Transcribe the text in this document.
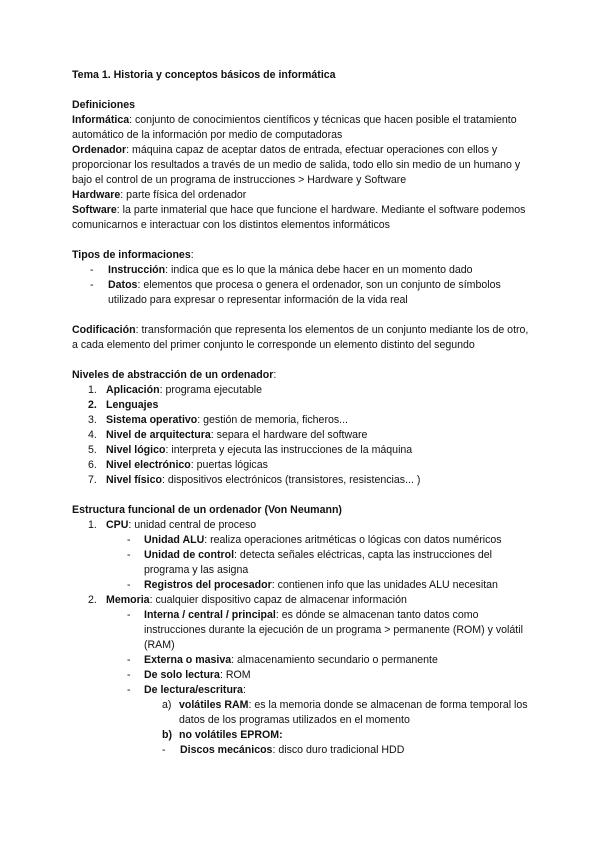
Tema 1. Historia y conceptos básicos de informática

Definiciones

Informática: conjunto de conocimientos científicos y técnicas que hacen posible el tratamiento automático de la información por medio de computadoras

Ordenador: máquina capaz de aceptar datos de entrada, efectuar operaciones con ellos y proporcionar los resultados a través de un medio de salida, todo ello sin medio de un humano y bajo el control de un programa de instrucciones > Hardware y Software

Hardware: parte física del ordenador

Software: la parte inmaterial que hace que funcione el hardware. Mediante el software podemos comunicarnos e interactuar con los distintos elementos informáticos

Tipos de informaciones:

-	Instrucción: indica que es lo que la mánica debe hacer en un momento dado
-	Datos: elementos que procesa o genera el ordenador, son un conjunto de símbolos utilizado para expresar o representar información de la vida real

Codificación: transformación que representa los elementos de un conjunto mediante los de otro, a cada elemento del primer conjunto le corresponde un elemento distinto del segundo

Niveles de abstracción de un ordenador:

1. Aplicación: programa ejecutable
2. Lenguajes
3. Sistema operativo: gestión de memoria, ficheros...
4. Nivel de arquitectura: separa el hardware del software
5. Nivel lógico: interpreta y ejecuta las instrucciones de la máquina
6. Nivel electrónico: puertas lógicas
7. Nivel físico: dispositivos electrónicos (transistores, resistencias... )

Estructura funcional de un ordenador (Von Neumann)

1. CPU: unidad central de proceso
-	Unidad ALU: realiza operaciones aritméticas o lógicas con datos numéricos
-	Unidad de control: detecta señales eléctricas, capta las instrucciones del programa y las asigna
-	Registros del procesador: contienen info que las unidades ALU necesitan
2. Memoria: cualquier dispositivo capaz de almacenar información
-	Interna / central / principal: es dónde se almacenan tanto datos como instrucciones durante la ejecución de un programa > permanente (ROM) y volátil (RAM)
-	Externa o masiva: almacenamiento secundario o permanente
-	De solo lectura: ROM
-	De lectura/escritura:
a) volátiles RAM: es la memoria donde se almacenan de forma temporal los datos de los programas utilizados en el momento
b) no volátiles EPROM:
-	Discos mecánicos: disco duro tradicional HDD
